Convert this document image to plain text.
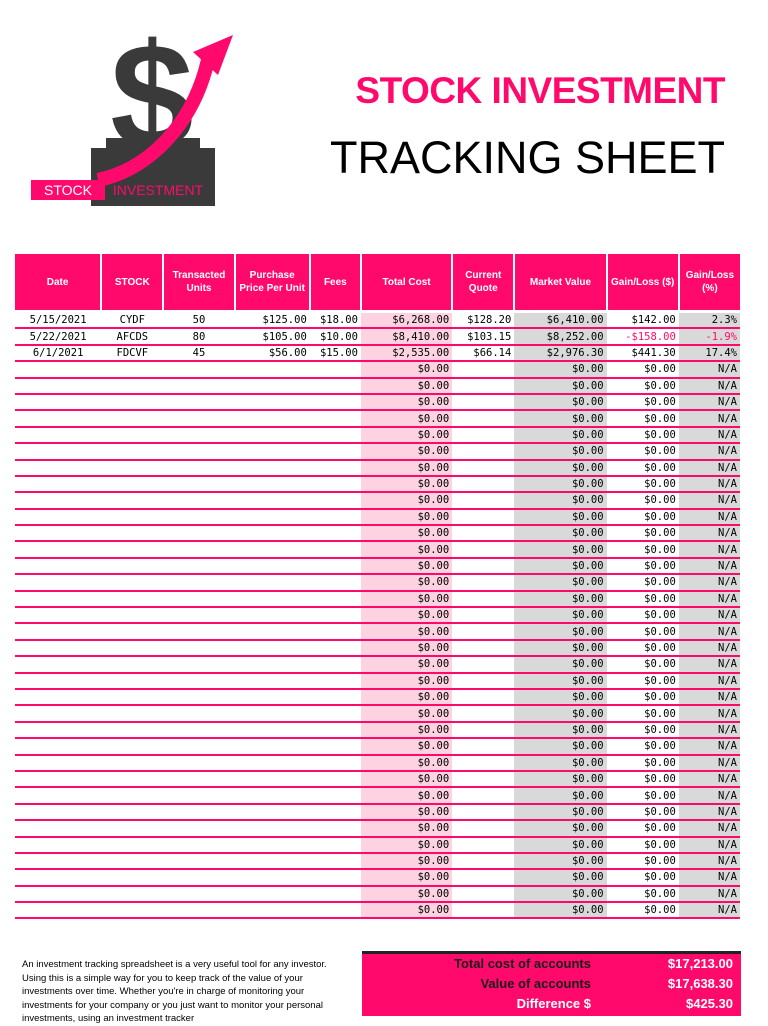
$
STOCK INVESTMENT
STOCK INVESTMENT
TRACKING SHEET
Date	STOCK	Transacted Units	Purchase Price Per Unit	Fees	Total Cost	Current Quote	Market Value	Gain/Loss ($)	Gain/Loss (%)
5/15/2021	CYDF	50	$125.00	$18.00	$6,268.00	$128.20	$6,410.00	$142.00	2.3%
5/22/2021	AFCDS	80	$105.00	$10.00	$8,410.00	$103.15	$8,252.00	-$158.00	-1.9%
6/1/2021	FDCVF	45	$56.00	$15.00	$2,535.00	$66.14	$2,976.30	$441.30	17.4%
					$0.00		$0.00	$0.00	N/A
					$0.00		$0.00	$0.00	N/A
					$0.00		$0.00	$0.00	N/A
					$0.00		$0.00	$0.00	N/A
					$0.00		$0.00	$0.00	N/A
					$0.00		$0.00	$0.00	N/A
					$0.00		$0.00	$0.00	N/A
					$0.00		$0.00	$0.00	N/A
					$0.00		$0.00	$0.00	N/A
					$0.00		$0.00	$0.00	N/A
					$0.00		$0.00	$0.00	N/A
					$0.00		$0.00	$0.00	N/A
					$0.00		$0.00	$0.00	N/A
					$0.00		$0.00	$0.00	N/A
					$0.00		$0.00	$0.00	N/A
					$0.00		$0.00	$0.00	N/A
					$0.00		$0.00	$0.00	N/A
					$0.00		$0.00	$0.00	N/A
					$0.00		$0.00	$0.00	N/A
					$0.00		$0.00	$0.00	N/A
					$0.00		$0.00	$0.00	N/A
					$0.00		$0.00	$0.00	N/A
					$0.00		$0.00	$0.00	N/A
					$0.00		$0.00	$0.00	N/A
					$0.00		$0.00	$0.00	N/A
					$0.00		$0.00	$0.00	N/A
					$0.00		$0.00	$0.00	N/A
					$0.00		$0.00	$0.00	N/A
					$0.00		$0.00	$0.00	N/A
					$0.00		$0.00	$0.00	N/A
					$0.00		$0.00	$0.00	N/A
					$0.00		$0.00	$0.00	N/A
					$0.00		$0.00	$0.00	N/A
					$0.00		$0.00	$0.00	N/A
An investment tracking spreadsheet is a very useful tool for any investor. Using this is a simple way for you to keep track of the value of your investments over time. Whether you're in charge of monitoring your investments for your company or you just want to monitor your personal investments, using an investment tracker
Total cost of accounts	$17,213.00
Value of accounts	$17,638.30
Difference $	$425.30
